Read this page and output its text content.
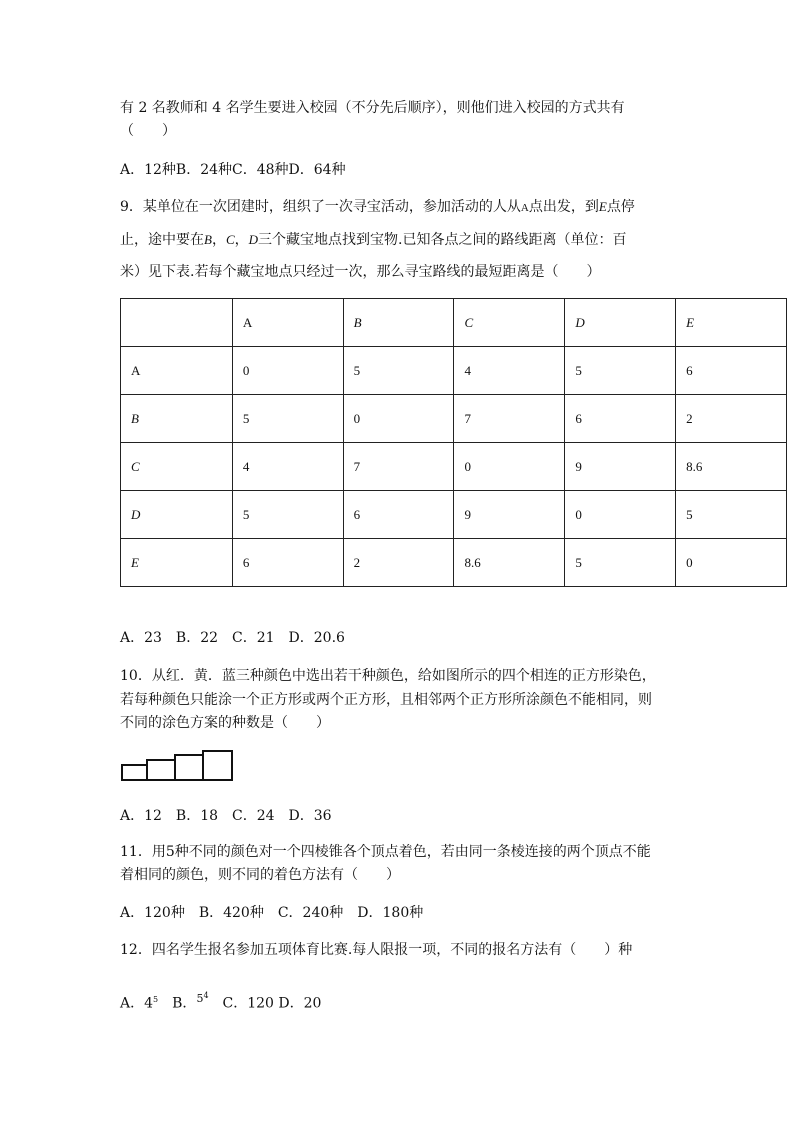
有 2 名教师和 4 名学生要进入校园（不分先后顺序），则他们进入校园的方式共有
（　　）
A．12种B．24种C．48种D．64种
9．某单位在一次团建时，组织了一次寻宝活动，参加活动的人从A点出发，到E点停
止，途中要在B，C，D三个藏宝地点找到宝物.已知各点之间的路线距离（单位：百
米）见下表.若每个藏宝地点只经过一次，那么寻宝路线的最短距离是（　　）
	A	B	C	D	E
A	0	5	4	5	6
B	5	0	7	6	2
C	4	7	0	9	8.6
D	5	6	9	0	5
E	6	2	8.6	5	0
A．23　B．22　C．21　D．20.6
10．从红．黄．蓝三种颜色中选出若干种颜色，给如图所示的四个相连的正方形染色，
若每种颜色只能涂一个正方形或两个正方形，且相邻两个正方形所涂颜色不能相同，则
不同的涂色方案的种数是（　　）
A．12　B．18　C．24　D．36
11．用5种不同的颜色对一个四棱锥各个顶点着色，若由同一条棱连接的两个顶点不能
着相同的颜色，则不同的着色方法有（　　）
A．120种　B．420种　C．240种　D．180种
12．四名学生报名参加五项体育比赛.每人限报一项，不同的报名方法有（　　）种
A．$4^5$　 B．$^{54}$　C．120 D．20
